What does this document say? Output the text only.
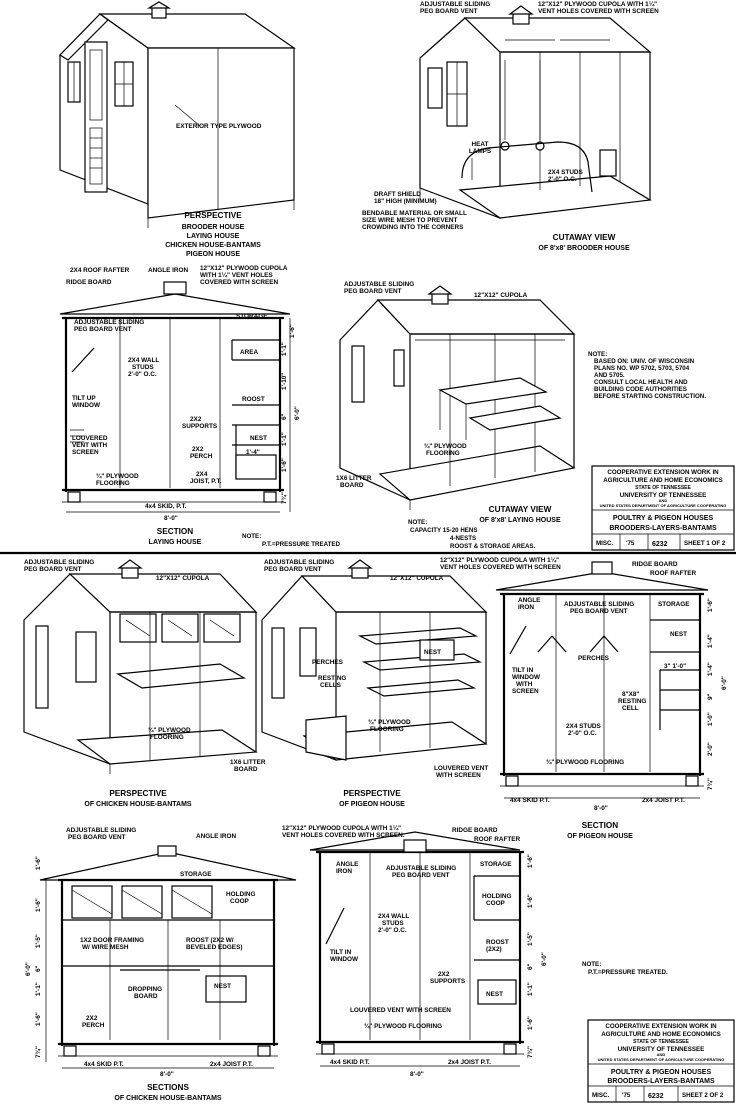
EXTERIOR TYPE PLYWOOD
PERSPECTIVE
BROODER HOUSE
LAYING HOUSE
CHICKEN HOUSE-BANTAMS
PIGEON HOUSE
ADJUSTABLE SLIDING
PEG BOARD VENT
12"X12" PLYWOOD CUPOLA WITH 1¼"
VENT HOLES COVERED WITH SCREEN
HEAT
LAMPS
2X4 STUDS
2'-0" O.C.
DRAFT SHIELD
18" HIGH (MINIMUM)
BENDABLE MATERIAL OR SMALL
SIZE WIRE MESH TO PREVENT
CROWDING INTO THE CORNERS
CUTAWAY VIEW
OF 8'x8' BROODER HOUSE
2X4 ROOF RAFTER	ANGLE IRON 12"X12" PLYWOOD CUPOLA
WITH 1¼" VENT HOLES
COVERED WITH SCREEN
RIDGE BOARD
ADJUSTABLE SLIDING
PEG BOARD VENT
STORAGE
AREA
2X4 WALL
STUDS
2'-0" O.C.
TILT UP
WINDOW
ROOST
2X2
SUPPORTS
NEST
2X2
PERCH
LOUVERED
VENT WITH
SCREEN
¾" PLYWOOD
FLOORING
2X4
JOIST, P.T.
4x4 SKID, P.T.
8'-0"
1'-6"
1'-1"
1'-10"
6'-0"
6"
1'-1"
1'-6"
1'-4"
7¾"
SECTION
LAYING HOUSE
NOTE:
P.T.=PRESSURE TREATED
ADJUSTABLE SLIDING
PEG BOARD VENT
12"X12" CUPOLA
¾" PLYWOOD
FLOORING
1X6 LITTER
BOARD
CUTAWAY VIEW
OF 8'x8' LAYING HOUSE
NOTE:
CAPACITY 15-20 HENS
4-NESTS
ROOST & STORAGE AREAS.
NOTE:
BASED ON: UNIV. OF WISCONSIN
PLANS NO. WP 5702, 5703, 5704
AND 5705.
CONSULT LOCAL HEALTH AND
BUILDING CODE AUTHORITIES
BEFORE STARTING CONSTRUCTION.
COOPERATIVE EXTENSION WORK IN
AGRICULTURE AND HOME ECONOMICS
STATE OF TENNESSEE
UNIVERSITY OF TENNESSEE
AND
UNITED STATES DEPARTMENT OF AGRICULTURE COOPERATING
POULTRY & PIGEON HOUSES
BROODERS-LAYERS-BANTAMS
MISC. '75	6232	SHEET 1 OF 2
ADJUSTABLE SLIDING
PEG BOARD VENT
12"X12" CUPOLA
¾" PLYWOOD
FLOORING
1X6 LITTER
BOARD
PERSPECTIVE
OF CHICKEN HOUSE-BANTAMS
ADJUSTABLE SLIDING
PEG BOARD VENT
12"X12" CUPOLA
NEST
PERCHES
RESTING
CELLS
¾" PLYWOOD
FLOORING
LOUVERED VENT
WITH SCREEN
PERSPECTIVE
OF PIGEON HOUSE
12"X12" PLYWOOD CUPOLA WITH 1¼"
VENT HOLES COVERED WITH SCREEN	RIDGE BOARD
ROOF RAFTER
ANGLE
IRON	ADJUSTABLE SLIDING
PEG BOARD VENT
STORAGE
NEST
PERCHES
TILT IN
WINDOW
WITH
SCREEN	8"X8"
RESTING
CELL
2X4 STUDS
2'-0" O.C.
¾" PLYWOOD FLOORING
4x4 SKID P.T.	2x4 JOIST P.T.
8'-0"
3" 1'-0"
1'-6"
1'-4"
1'-4"
6'-0"
9"
1'-0"
2'-0"
7¾"
SECTION
OF PIGEON HOUSE
ADJUSTABLE SLIDING
PEG BOARD VENT	ANGLE IRON
STORAGE
HOLDING
COOP
1X2 DOOR FRAMING
W/ WIRE MESH
ROOST (2X2 W/
BEVELED EDGES)
DROPPING
BOARD
NEST
2X2
PERCH
4x4 SKID P.T.	2x4 JOIST P.T.
8'-0"
1'-6"
1'-6"
1'-5"
6'-0" 6"
1'-1"
1'-6"
7¾"
SECTIONS
OF CHICKEN HOUSE-BANTAMS
12"X12" PLYWOOD CUPOLA WITH 1¼"
VENT HOLES COVERED WITH SCREEN.
RIDGE BOARD
ROOF RAFTER
ANGLE
IRON	ADJUSTABLE SLIDING
PEG BOARD VENT
STORAGE
HOLDING
COOP
2X4 WALL
STUDS
2'-0" O.C.
TILT IN
WINDOW
ROOST
(2X2)
2X2
SUPPORTS
NEST
LOUVERED VENT WITH SCREEN
¾" PLYWOOD FLOORING
4x4 SKID P.T.	2x4 JOIST P.T.
8'-0"
1'-6"
1'-6"
1'-5"
6'-0"
6"
1'-1"
1'-6"
7¾"
NOTE:
P.T.=PRESSURE TREATED.
COOPERATIVE EXTENSION WORK IN
AGRICULTURE AND HOME ECONOMICS
STATE OF TENNESSEE
UNIVERSITY OF TENNESSEE
AND
UNITED STATES DEPARTMENT OF AGRICULTURE COOPERATING
POULTRY & PIGEON HOUSES
BROODERS-LAYERS-BANTAMS
MISC. '75	6232	SHEET 2 OF 2
